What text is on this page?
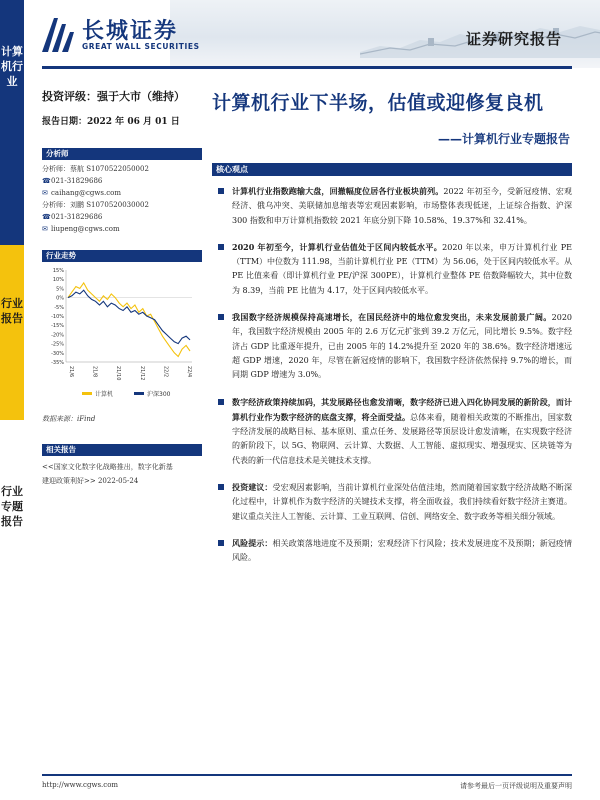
长城证券
GREAT WALL SECURITIES	证券研究报告
计算机行业
行业报告
行业专题报告
投资评级：强于大市（维持）
报告日期：2022 年 06 月 01 日
计算机行业下半场，估值或迎修复良机
——计算机行业专题报告
分析师
分析师：蔡航 S1070522050002
☎021-31829686
✉ caihang@cgws.com
分析师：刘鹏 S1070520030002
☎021-31829686
✉ liupeng@cgws.com
行业走势
15%
10%
5%
0%
-5%
-10%
-15%
-20%
-25%
-30%
-35%
21/6	21/8	21/10	21/12	22/2	22/4
计算机	沪深300
数据来源：iFind
相关报告
<<国家文化数字化战略推出，数字化新基
建迎政策利好>> 2022-05-24
核心观点
计算机行业指数跑输大盘，回撤幅度位居各行业板块前列。2022 年初至今，受新冠疫情、宏观经济、俄乌冲突、美联储加息缩表等宏观因素影响，市场整体表现低迷，上证综合指数、沪深 300 指数和申万计算机指数较 2021 年底分别下降 10.58%、19.37%和 32.41%。
2020 年初至今，计算机行业估值处于区间内较低水平。2020 年以来，申万计算机行业 PE（TTM）中位数为 111.98，当前计算机行业 PE（TTM）为 56.06，处于区间内较低水平。从 PE 比值来看（即计算机行业 PE/沪深 300PE），计算机行业整体 PE 倍数降幅较大，其中位数为 8.39，当前 PE 比值为 4.17，处于区间内较低水平。
我国数字经济规模保持高速增长，在国民经济中的地位愈发突出，未来发展前景广阔。2020 年，我国数字经济规模由 2005 年的 2.6 万亿元扩张到 39.2 万亿元，同比增长 9.5%。数字经济占 GDP 比重逐年提升，已由 2005 年的 14.2%提升至 2020 年的 38.6%。数字经济增速远超 GDP 增速，2020 年，尽管在新冠疫情的影响下，我国数字经济依然保持 9.7%的增长，而同期 GDP 增速为 3.0%。
数字经济政策持续加码，其发展路径也愈发清晰，数字经济已进入四化协同发展的新阶段，而计算机行业作为数字经济的底盘支撑，将全面受益。总体来看，随着相关政策的不断推出，国家数字经济发展的战略目标、基本原则、重点任务、发展路径等顶层设计愈发清晰，在实现数字经济的新阶段下，以 5G、物联网、云计算、大数据、人工智能、虚拟现实、增强现实、区块链等为代表的新一代信息技术是关键技术支撑。
投资建议：受宏观因素影响，当前计算机行业深处估值洼地，然而随着国家数字经济战略不断深化过程中，计算机作为数字经济的关键技术支撑，将全面收益，我们持续看好数字经济主赛道。建议重点关注人工智能、云计算、工业互联网、信创、网络安全、数字政务等相关细分领域。
风险提示：相关政策落地进度不及预期；宏观经济下行风险；技术发展进度不及预期；新冠疫情风险。
http://www.cgws.com	请参考最后一页评级说明及重要声明
